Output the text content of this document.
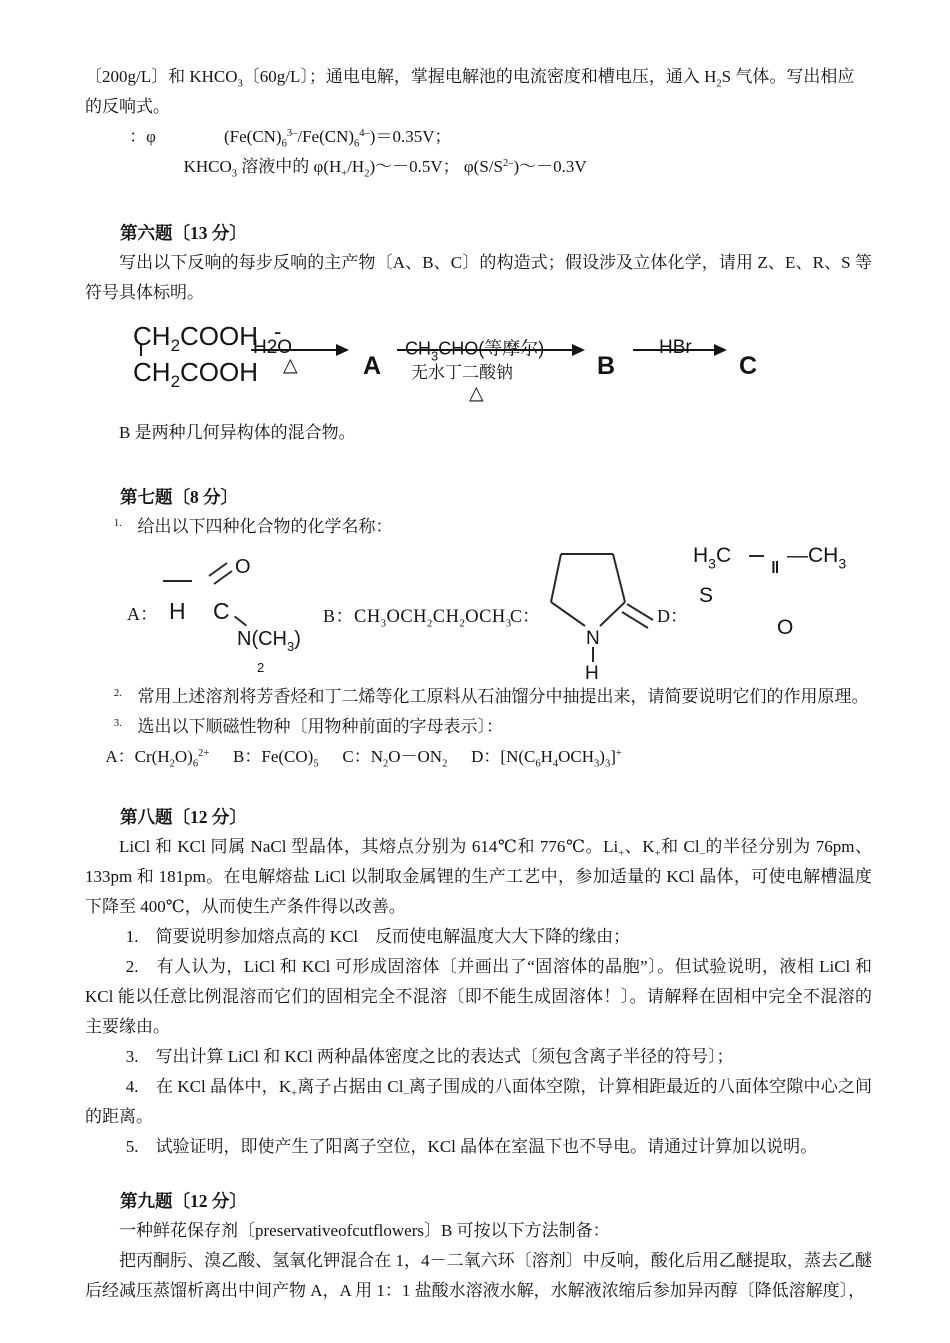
〔200g/L〕和 $KHCO_3$〔60g/L〕；通电电解，掌握电解池的电流密度和槽电压，通入 $H_2S$ 气体。写出相应

的反响式。

：φ　　　　$(Fe(CN)_6^{3-}/Fe(CN)_6^{4-})=0.35V$；

$KHCO_3$ 溶液中的 $\varphi(H_+/H_2)\sim-0.5V$； $\varphi(S/S^{2-})\sim-0.3V$

第六题〔13 分〕

写出以下反响的每步反响的主产物〔A、B、C〕的构造式；假设涉及立体化学，请用 Z、E、R、S 等符号具体标明。

$CH_2COOH$ -
$CH_2COOH$
H2O
△	A
$CH_3CHO$(等摩尔)
无水丁二酸钠
△
B
HBr
C

B 是两种几何异构体的混合物。

第七题〔8 分〕

$^{1.}$ 给出以下四种化合物的化学名称：

A：
O
H C
$N(CH_3)$
2
B：$CH_3OCH_2CH_2OCH_3$
C：
N
H
D：
$H_3C$
‖
$—CH_3$
S
O

$^{2.}$ 常用上述溶剂将芳香烃和丁二烯等化工原料从石油馏分中抽提出来，请简要说明它们的作用原理。

$^{3.}$ 选出以下顺磁性物种〔用物种前面的字母表示〕：

A：$Cr(H_2O)_6^{2+}$ B：$Fe(CO)_5$ C：$N_2O-ON_2$ D：$[N(C_6H_4OCH_3)_3]^+$

第八题〔12 分〕

LiCl 和 KCl 同属 NaCl 型晶体，其熔点分别为 614℃和 776℃。$Li_+$、$K_+$和 $Cl_-$的半径分别为 76pm、 133pm 和 181pm。在电解熔盐 LiCl 以制取金属锂的生产工艺中，参加适量的 KCl 晶体，可使电解槽温度下降至 400℃，从而使生产条件得以改善。

1.　简要说明参加熔点高的 KCl　反而使电解温度大大下降的缘由；

2.　有人认为，LiCl 和 KCl 可形成固溶体〔并画出了“固溶体的晶胞”〕。但试验说明，液相 LiCl 和 KCl 能以任意比例混溶而它们的固相完全不混溶〔即不能生成固溶体！〕。请解释在固相中完全不混溶的主要缘由。

3.　写出计算 LiCl 和 KCl 两种晶体密度之比的表达式〔须包含离子半径的符号〕；

4.　在 KCl 晶体中，$K_+$离子占据由 $Cl_-$离子围成的八面体空隙，计算相距最近的八面体空隙中心之间的距离。

5.　试验证明，即使产生了阳离子空位，KCl 晶体在室温下也不导电。请通过计算加以说明。

第九题〔12 分〕

一种鲜花保存剂〔preservativeofcutflowers〕B 可按以下方法制备：

把丙酮肟、溴乙酸、氢氧化钾混合在 1，4－二氧六环〔溶剂〕中反响，酸化后用乙醚提取，蒸去乙醚后经减压蒸馏析离出中间产物 A，A 用 1：1 盐酸水溶液水解，水解液浓缩后参加异丙醇〔降低溶解度〕，
